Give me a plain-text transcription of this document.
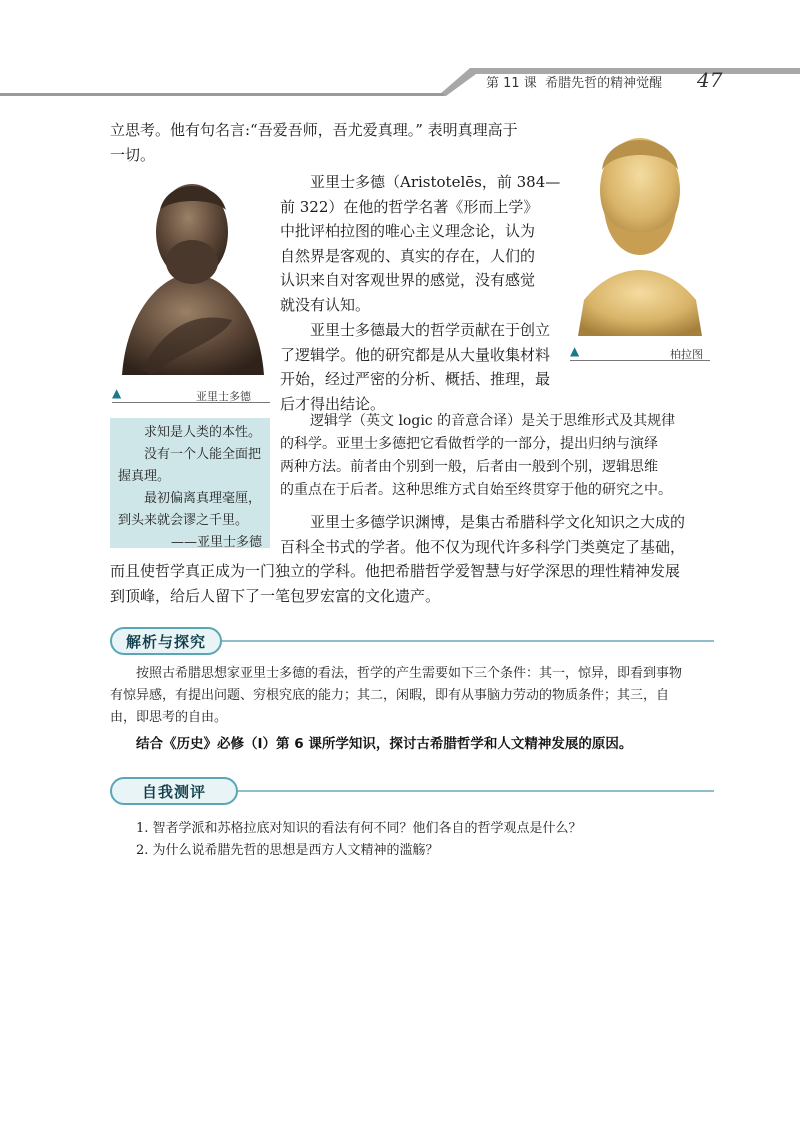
第 11 课 希腊先哲的精神觉醒 47

立思考。他有句名言:“吾爱吾师，吾尤爱真理。” 表明真理高于

一切。

▲	亚里士多德

亚里士多德（Aristotelēs，前 384—

前 322）在他的哲学名著《形而上学》

中批评柏拉图的唯心主义理念论，认为

自然界是客观的、真实的存在，人们的

认识来自对客观世界的感觉，没有感觉

就没有认知。

亚里士多德最大的哲学贡献在于创立

了逻辑学。他的研究都是从大量收集材料

开始，经过严密的分析、概括、推理，最

后才得出结论。

▲	柏拉图

求知是人类的本性。

没有一个人能全面把

握真理。

最初偏离真理毫厘，

到头来就会谬之千里。

——亚里士多德

逻辑学（英文 logic 的音意合译）是关于思维形式及其规律

的科学。亚里士多德把它看做哲学的一部分，提出归纳与演绎

两种方法。前者由个别到一般，后者由一般到个别，逻辑思维

的重点在于后者。这种思维方式自始至终贯穿于他的研究之中。

亚里士多德学识渊博，是集古希腊科学文化知识之大成的

百科全书式的学者。他不仅为现代许多科学门类奠定了基础，

而且使哲学真正成为一门独立的学科。他把希腊哲学爱智慧与好学深思的理性精神发展

到顶峰，给后人留下了一笔包罗宏富的文化遗产。

解析与探究

按照古希腊思想家亚里士多德的看法，哲学的产生需要如下三个条件：其一，惊异，即看到事物

有惊异感，有提出问题、穷根究底的能力；其二，闲暇，即有从事脑力劳动的物质条件；其三，自

由，即思考的自由。

结合《历史》必修（Ⅰ）第 6 课所学知识，探讨古希腊哲学和人文精神发展的原因。
自我测评

1. 智者学派和苏格拉底对知识的看法有何不同？他们各自的哲学观点是什么？

2. 为什么说希腊先哲的思想是西方人文精神的滥觞？
